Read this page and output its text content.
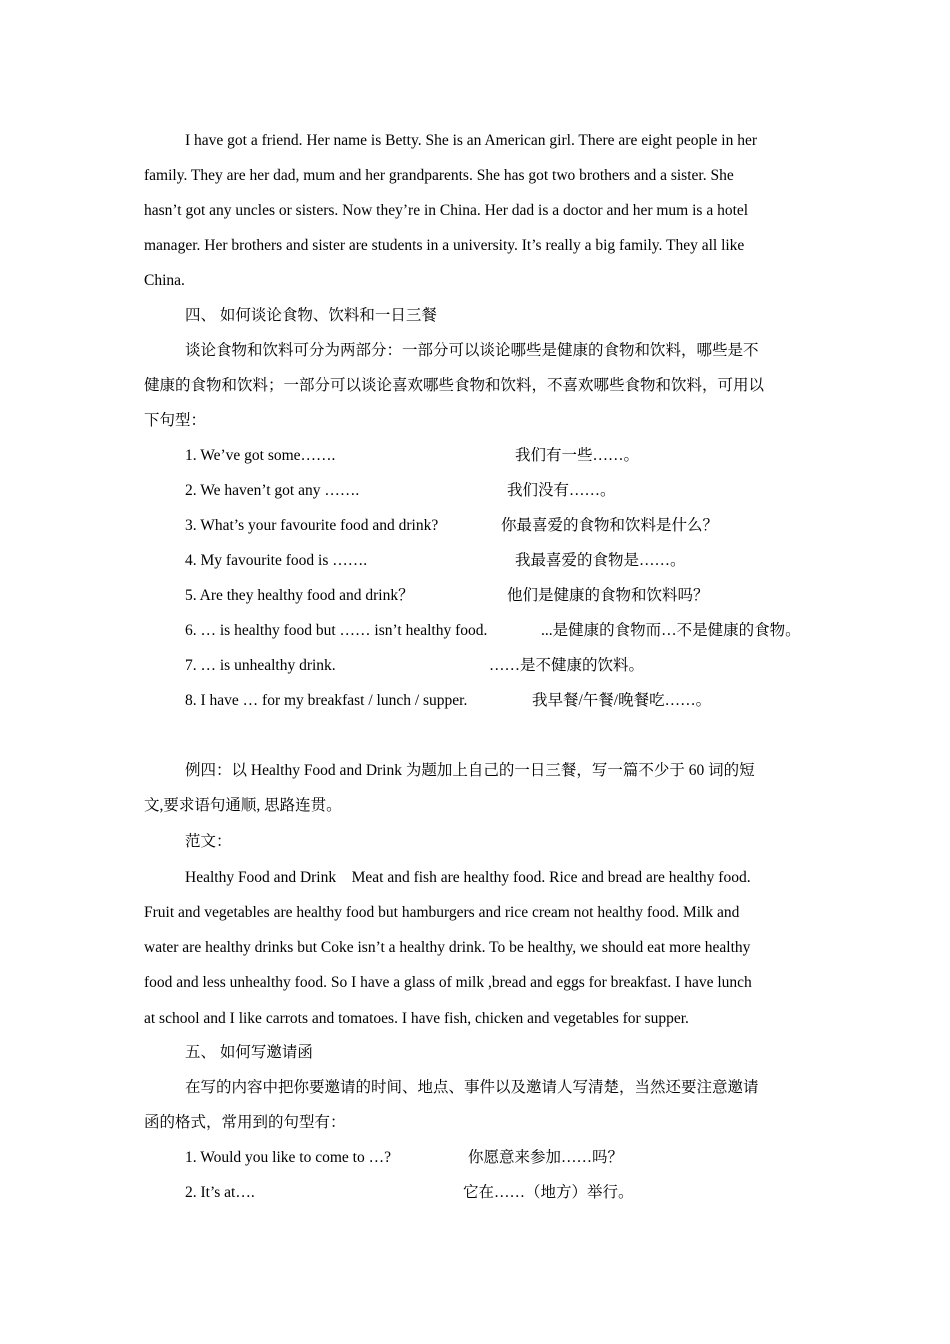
I have got a friend. Her name is Betty. She is an American girl. There are eight people in her
family. They are her dad, mum and her grandparents. She has got two brothers and a sister. She
hasn’t got any uncles or sisters. Now they’re in China. Her dad is a doctor and her mum is a hotel
manager. Her brothers and sister are students in a university. It’s really a big family. They all like
China.
四、 如何谈论食物、饮料和一日三餐
谈论食物和饮料可分为两部分：一部分可以谈论哪些是健康的食物和饮料，哪些是不
健康的食物和饮料；一部分可以谈论喜欢哪些食物和饮料，不喜欢哪些食物和饮料，可用以
下句型：
1. We’ve got some…….	我们有一些……。
2. We haven’t got any …….	我们没有……。
3. What’s your favourite food and drink?	你最喜爱的食物和饮料是什么？
4. My favourite food is …….	我最喜爱的食物是……。
5. Are they healthy food and drink？	他们是健康的食物和饮料吗？
6. … is healthy food but …… isn’t healthy food.	...是健康的食物而…不是健康的食物。
7. … is unhealthy drink.	……是不健康的饮料。
8. I have … for my breakfast / lunch / supper.	我早餐/午餐/晚餐吃……。
例四：以 Healthy Food and Drink 为题加上自己的一日三餐，写一篇不少于 60 词的短
文,要求语句通顺, 思路连贯。
范文：
Healthy Food and Drink    Meat and fish are healthy food. Rice and bread are healthy food.
Fruit and vegetables are healthy food but hamburgers and rice cream not healthy food. Milk and
water are healthy drinks but Coke isn’t a healthy drink. To be healthy, we should eat more healthy
food and less unhealthy food. So I have a glass of milk ,bread and eggs for breakfast. I have lunch
at school and I like carrots and tomatoes. I have fish, chicken and vegetables for supper.
五、 如何写邀请函
在写的内容中把你要邀请的时间、地点、事件以及邀请人写清楚，当然还要注意邀请
函的格式，常用到的句型有：
1. Would you like to come to …?	你愿意来参加……吗？
2. It’s at….	它在……（地方）举行。
